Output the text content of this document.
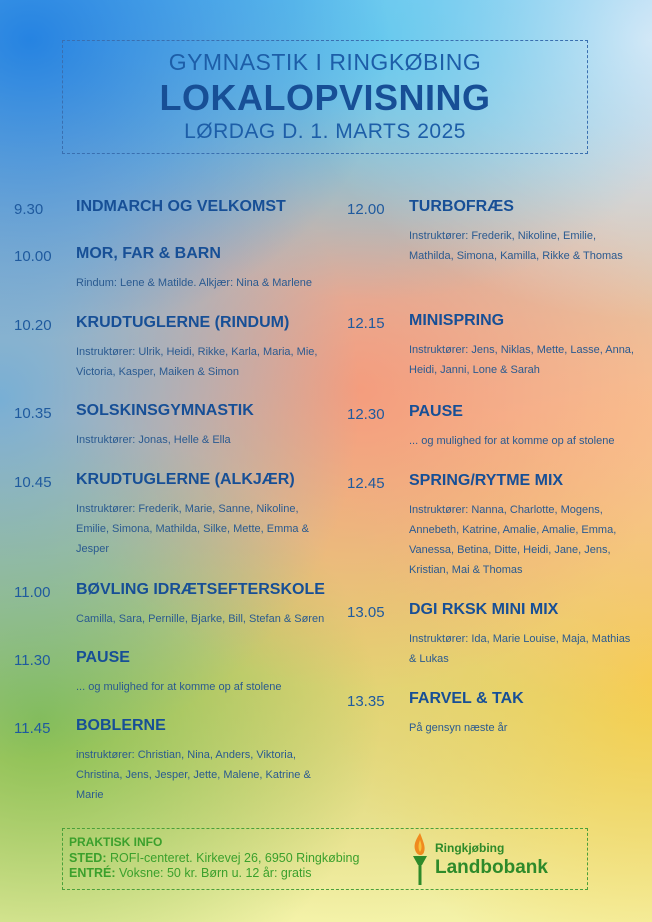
GYMNASTIK I RINGKØBING
LOKALOPVISNING
LØRDAG D. 1. MARTS 2025
9.30 INDMARCH OG VELKOMST
10.00 MOR, FAR & BARN
Rindum: Lene & Matilde. Alkjær: Nina & Marlene
10.20 KRUDTUGLERNE (RINDUM)
Instruktører: Ulrik, Heidi, Rikke, Karla, Maria, Mie, Victoria, Kasper, Maiken & Simon
10.35 SOLSKINSGYMNASTIK
Instruktører: Jonas, Helle & Ella
10.45 KRUDTUGLERNE (ALKJÆR)
Instruktører: Frederik, Marie, Sanne, Nikoline, Emilie, Simona, Mathilda, Silke, Mette, Emma & Jesper
11.00 BØVLING IDRÆTSEFTERSKOLE
Camilla, Sara, Pernille, Bjarke, Bill, Stefan & Søren
11.30 PAUSE
... og mulighed for at komme op af stolene
11.45 BOBLERNE
instruktører: Christian, Nina, Anders, Viktoria, Christina, Jens, Jesper, Jette, Malene, Katrine & Marie
12.00 TURBOFRÆS
Instruktører: Frederik, Nikoline, Emilie, Mathilda, Simona, Kamilla, Rikke & Thomas
12.15 MINISPRING
Instruktører: Jens, Niklas, Mette, Lasse, Anna, Heidi, Janni, Lone & Sarah
12.30 PAUSE
... og mulighed for at komme op af stolene
12.45 SPRING/RYTME MIX
Instruktører: Nanna, Charlotte, Mogens, Annebeth, Katrine, Amalie, Amalie, Emma, Vanessa, Betina, Ditte, Heidi, Jane, Jens, Kristian, Mai & Thomas
13.05 DGI RKSK MINI MIX
Instruktører: Ida, Marie Louise, Maja, Mathias & Lukas
13.35 FARVEL & TAK
På gensyn næste år
PRAKTISK INFO
STED: ROFI-centeret. Kirkevej 26, 6950 Ringkøbing
ENTRÉ: Voksne: 50 kr. Børn u. 12 år: gratis
Ringkjøbing
Landbobank
